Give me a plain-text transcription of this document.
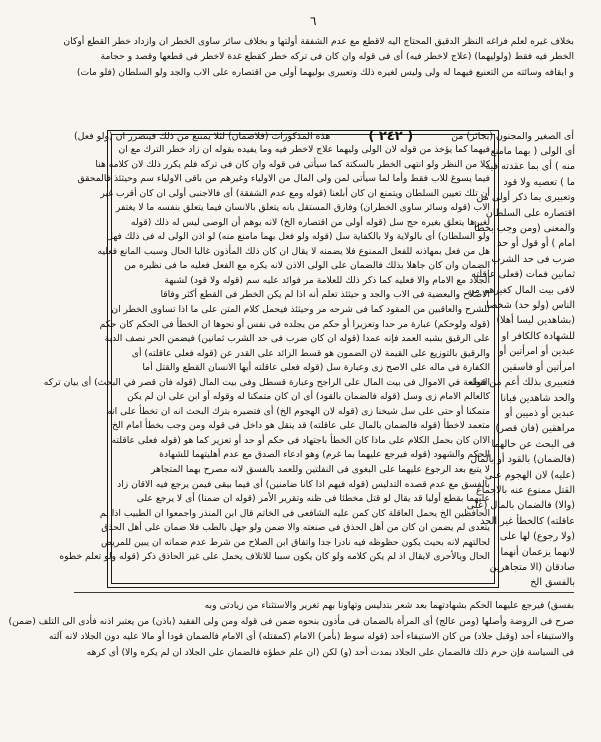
٦
بخلاف غيره لعلم فراغه النظر الدقيق المحتاج اليه لاقطع مع عدم الشفقة أولتها و بخلاف سائر ساوى الخطر ان وازداد خطر القطع أوكان
الخطر فيه فقط (ولوليهما) (علاج لاخطر فيه) أى فى قوله وان كان فى تركه خطر كقطع غدة لاخطر فى قطعها وقصد و حجامة
و ايقافه وسائته من التعنيع فيهما له ولى وليس لغيره ذلك وتعبيرى بوليهما أولى من اقتصاره على الاب والجد ولو السلطان (فلو مات)
أى الصغير والمجنون (بجائز) من
( ٢٤٢ )
هذه المذكورات (فلاضمان) لئلا يمتنع من ذلك فيتضرر ان (ولو فعل)
فيهما كما يؤخذ من قوله لان الولى وليهما علاج لاخطر فيه وما يفيده بقوله ان زاد خطر الترك مع ان
كلا من النظر ولو انتهى الخطر بالسكتة كما سيأتى فى قوله وان كان فى تركه فلم يكرر ذلك لان كلامه هنا
فيما يسوغ للاب فقط وأما لما سيأتى لمن ولى المال من الاولياء وغيرهم من باقى الاولياء سم وحيثئذ فالمحقق
أن تلك تعيين السلطان ويتمنع ان كان أبلعنا (قوله ومع عدم الشفقة) أى فالاجنبى أولى ان كان أقرب غير
الاب (قوله وسائر ساوى الخطران) وفارق المستقل بانه يتعلق بالانسان فيما يتعلق بنفسه ما لا يغتفر
لغيرها يتعلق بغيره حج سل (قوله أولى من اقتصاره الخ) لانه يوهم أن الوصى ليس له ذلك (قوله
ولو السلطان) أى بالولاية ولا بالكفاية سل (قوله ولو فعل بهما مامنع منه) لو اذن الولى له فى ذلك فهل
هل من فعل بمهاذنه للفعل الممنوع فلا يضمنه لا يقال ان كان ذلك المأذون غالبا الحال وسبب المانع فعليه
الضمان وان كان جاهلا بذلك فالضمان على الولى الاذن لانه يكره مع الفعل فعليه ما فى نظيره من
الجلاد مع الامام والا فعليه كما ذكر ذلك للعلامة مر فوائد عليه سم (قوله ولا قود) لشبهة
الاصلاح والبعضية فى الاب والجد و حيثئذ تعلم أنه اذا لم يكن الخطر فى القطع أكثر وفاقا
للشرح والعاقبين من المقود كما فى شرحه مر وحيثئذ فيحمل كلام المتن على ما اذا تساوى الخطر ان
(قوله ولوحكم) عبارة مر حدا وتعزيرا أو حكم من يجلده فى نفس أو نحوها ان الخطأ فى الحكم كان حكم
على الرقيق بشبه العمد فإنه عمدا (قوله ان كان ضرب فى حد الشرب ثمانين) فيضمن الحر نصف الدية
والرقيق بالتوزيع على القيمة لان الضمون هو قسط الزائد على القدر عن (قوله فعلى عاقلته) أى
الكفارة فى ماله على الاصح زى وعبارة سل (قوله فعلى عاقلته أيها الانسان القطع والقتل أما
القطعة في الاموال فى بيت المال على الراجح وعبارة قسطل وفى بيت المال (قوله فان قصر في البحث) أى بيان تركه
كالعالم الامام زى وسل (قوله فالضمان بالقود) أى ان كان متمكنا له وقوله أو ابن على ان لم يكن
متمكنا أو حتى على سل شيخنا زى (قوله لان الهجوم الخ) أى فتضيره بترك البحث انه ان تخطأ على انه
متعمد لاخطأ (قوله فالضمان بالمال على عاقلته) قد ينقل هو داخل فى قوله ومن وجب بخطأ امام الخ
الاان كان بحمل الكلام على ماذا كان الخطأ باجتهاد فى حكم أو حد أو تعزير كما هو (قوله فعلى عاقلته
الحكم والشهود (قوله فيرجع عليهما بما غرم) وهو ادعاء الصدق مع عدم أهليتهما للشهادة
لا يتبع بعد الرجوع عليهما على البغوى فى النفلتين وللعمد بالفسق لانه مصرح بهما المتجاهر
بالفسق مع عدم قصده التدليس (قوله فيهم اذا كانا ضامنين) أى فيما بيقى فيمن يرجع فيه الاقان زاد
عليهما بقطع أوليا قد يقال لو قتل مخطئا فى ظنه وتقرير الأمر (قوله ان ضمنا) أى لا يرجع على
الحافظين الخ يحمل العاقلة كان كمن عليه الشافعى فى الخاتم قال ابن المنذر واجمعوا ان الطبيب اذا لم
يتعدى لم يضمن ان كان من أهل الحذق فى صنعته والا ضمن ولو جهل بالطب فلا ضمان على أهل الحذق
لحالتهم لانه بحيث يكون حظوظه فيه نادرا جدا واتفاق ابن الصلاح من شرط عدم ضمانه ان يبين للمريض
الحال وبالأحرى لايقال اذ لم يكن كلامه ولو كان يكون سببا للاتلاف يحمل على غير الحاذق ذكر (قوله ولو تعلم خطوه
أى الولى ( بهما مامنع
منه ) أى بما عقدته فيه
ما ) تعصيه ولا قود
وتعبيرى بما ذكر أولى من
اقتصاره على السلطان
والمعنى (ومن وجب بخطأ
امام ) أو قول أو حد
ضرب فى حد الشرب
ثمانين فمات (فعلى عاقلته
لافى بيت المال كغيرهم من
الناس (ولو حد) شخصا
(بشاهدين ليسا أهلا)
للشهادة كالكافر او
عبدين أو امرأتين أو
امرأتين أو فاسقين
فتعبيرى بذلك أعم من قوله
والحد شاهدين فبانا
عبدين أو ذميين أو
مراهقين (فان قصر)
فى البحث عن حالهما
(فالضمان) بالقود أو بالمال
(عليه) لان الهجوم على
القتل ممنوع عنه بالاجماع
(والا) فالضمان بالمال (على
عاقلته) كالخطأ غير الحد
(ولا رجوع) لها على
لانهما يزعمان أنهما
صادقان (الا متجاهرين
بالفسق الخ
بفسق) فيرجع عليهما الحكم بشهادتهما بعد شعر بتدليس وتهاونا بهم تغرير والاستثناء من زيادتى وبه
صرح فى الروضة وأصلها (ومن عالج) أى المرأة بالضمان فى مأذون بنحوه ضمن فى قوله ومن ولى الفقيد (باذن) من يعتبر اذنه فأدى الى التلف (ضمن)
والاستيفاء أحد (وقبل جلاد) من كان الاستيفاء أحد (قوله سوط (بأمر) الامام (كمقتله) أى الامام فالضمان قودا أو مالا عليه دون الجلاد لانه آلته
فى السياسة فإن حرم ذلك فالضمان على الجلاد بمدت أحد (و) لكن (ان علم خطؤه فالضمان على الجلاد ان لم يكره والا) أى كرهه
